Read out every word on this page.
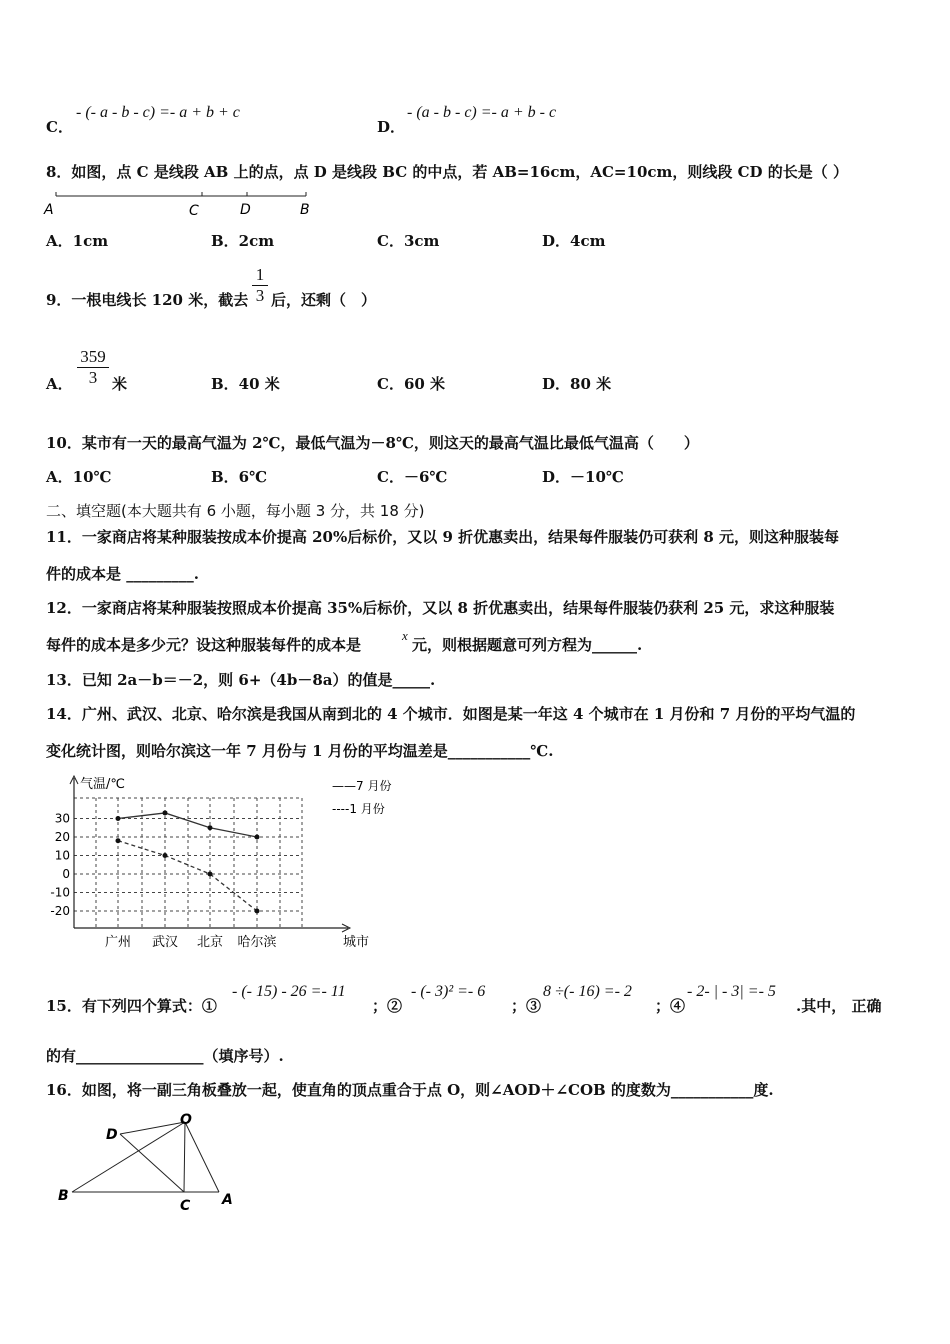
C．
- (- a - b - c) =- a + b + c
D．
- (a - b - c) =- a + b - c
8．如图，点 C 是线段 AB 上的点，点 D 是线段 BC 的中点，若 AB=16cm，AC=10cm，则线段 CD 的长是（ ）
A	C	D	B
A．1cm	B．2cm	C．3cm	D．4cm
9．一根电线长 120 米，截去
1
3 后，还剩（　）
A．
359
3 米	B．40 米	C．60 米	D．80 米
10．某市有一天的最高气温为 2℃，最低气温为－8℃，则这天的最高气温比最低气温高（　　）
A．10℃	B．6℃	C．－6℃	D．－10℃
二、填空题(本大题共有 6 小题，每小题 3 分，共 18 分)
11．一家商店将某种服装按成本价提高 20%后标价，又以 9 折优惠卖出，结果每件服装仍可获利 8 元，则这种服装每
件的成本是 _________.
12．一家商店将某种服装按照成本价提高 35%后标价，又以 8 折优惠卖出，结果每件服装仍获利 25 元，求这种服装
每件的成本是多少元？设这种服装每件的成本是
x
元，则根据题意可列方程为______.
13．已知 2a－b＝－2，则 6+（4b－8a）的值是_____.
14．广州、武汉、北京、哈尔滨是我国从南到北的 4 个城市．如图是某一年这 4 个城市在 1 月份和 7 月份的平均气温的
变化统计图，则哈尔滨这一年 7 月份与 1 月份的平均温差是___________℃.
气温/℃
城市
——7 月份
----1 月份
30
20
10
0
-10
-20
广州 武汉 北京 哈尔滨
15．有下列四个算式：①
- (- 15) - 26 =- 11
；②
- (- 3)² =- 6
；③
8 ÷(- 16) =- 2
；④
- 2- | - 3| =- 5
.其中， 正确
的有_________________（填序号）.
16．如图，将一副三角板叠放一起，使直角的顶点重合于点 O，则∠AOD＋∠COB 的度数为___________度.
O
D
B
C A
